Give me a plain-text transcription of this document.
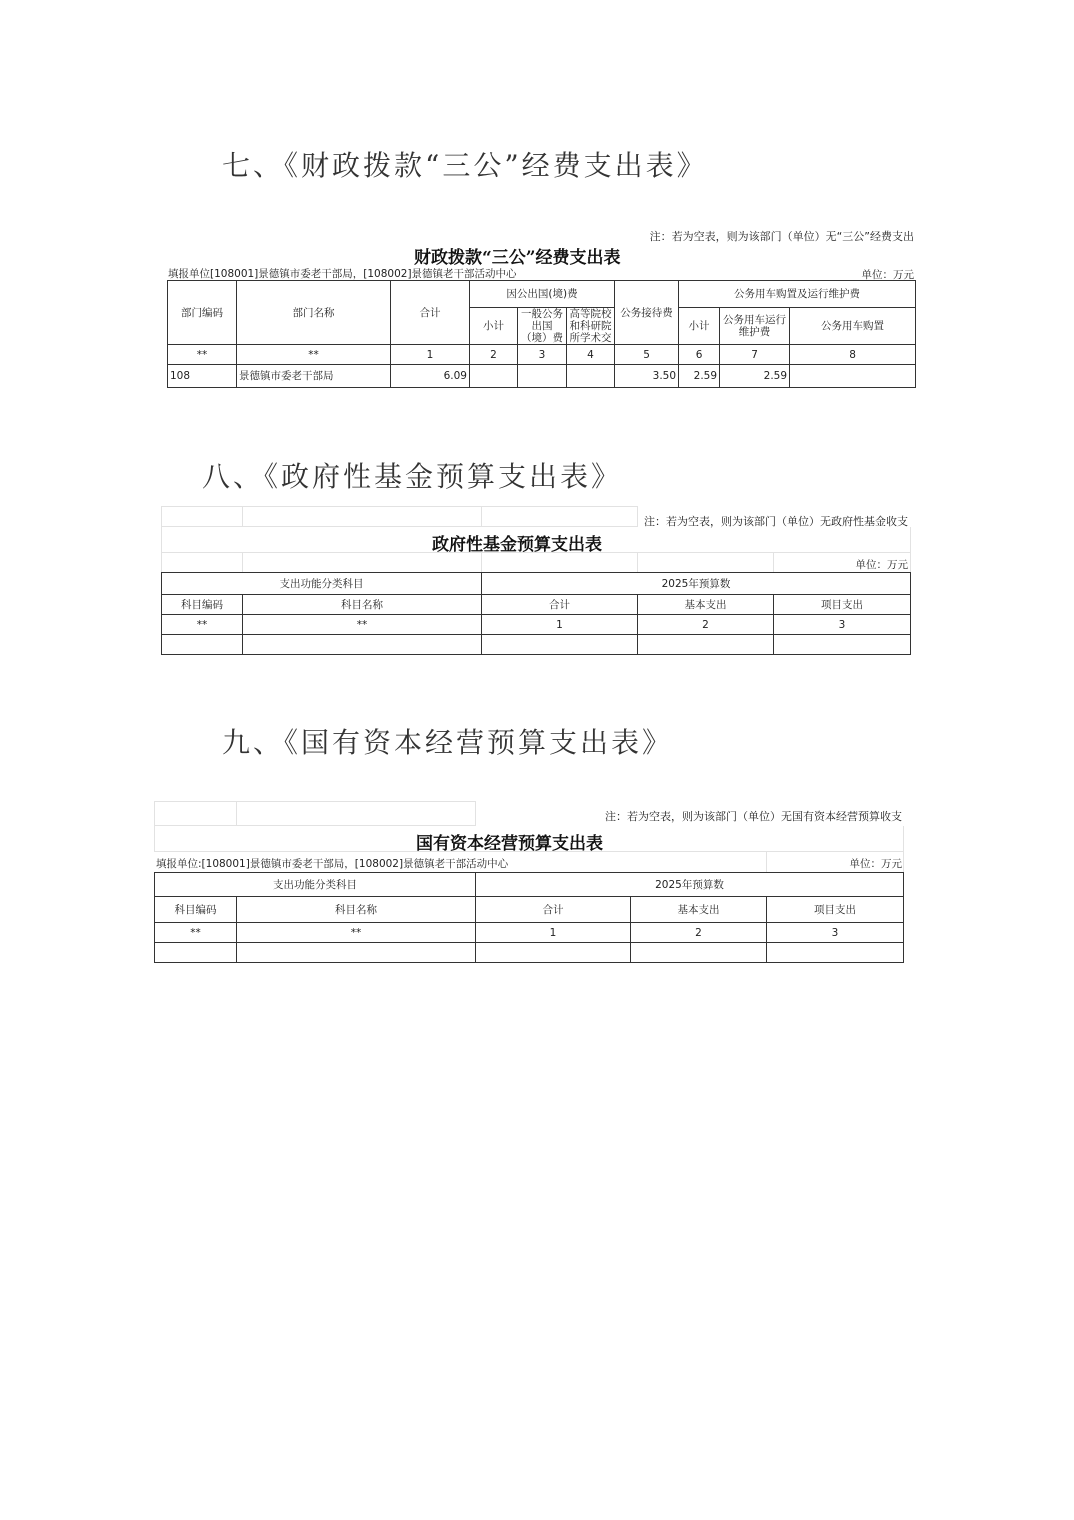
七、《财政拨款“三公”经费支出表》
注：若为空表，则为该部门（单位）无“三公”经费支出
财政拨款“三公”经费支出表
填报单位[108001]景德镇市委老干部局，[108002]景德镇老干部活动中心	单位：万元
部门编码	部门名称	合计	因公出国(境)费			公务接待费	公务用车购置及运行维护费		
			小计	一般公务出国（境）费	高等院校和科研院所学术交		小计	公务用车运行维护费	公务用车购置
**	**	1	2	3	4	5	6	7	8
108	景德镇市委老干部局	6.09				3.50	2.59	2.59	
八、《政府性基金预算支出表》

注：若为空表，则为该部门（单位）无政府性基金收支
政府性基金预算支出表
单位：万元
支出功能分类科目		2025年预算数		
科目编码	科目名称	合计	基本支出	项目支出
**	**	1	2	3

九、《国有资本经营预算支出表》

注：若为空表，则为该部门（单位）无国有资本经营预算收支
国有资本经营预算支出表
填报单位:[108001]景德镇市委老干部局，[108002]景德镇老干部活动中心	单位：万元
支出功能分类科目		2025年预算数		
科目编码	科目名称	合计	基本支出	项目支出
**	**	1	2	3
